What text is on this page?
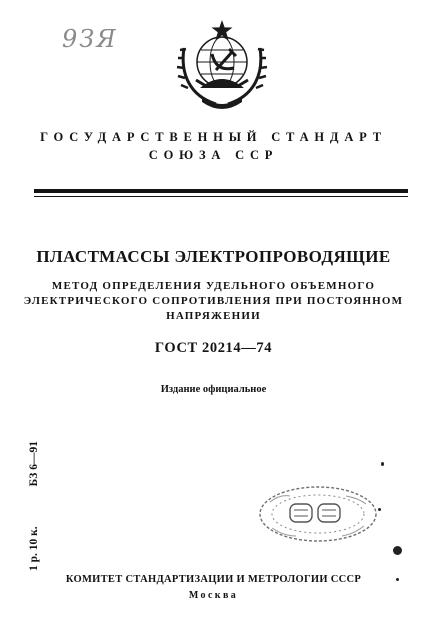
9ЗЯ
ГОСУДАРСТВЕННЫЙ СТАНДАРТ
СОЮЗА ССР
ПЛАСТМАССЫ ЭЛЕКТРОПРОВОДЯЩИЕ
МЕТОД ОПРЕДЕЛЕНИЯ УДЕЛЬНОГО ОБЪЕМНОГО
ЭЛЕКТРИЧЕСКОГО СОПРОТИВЛЕНИЯ ПРИ ПОСТОЯННОМ
НАПРЯЖЕНИИ
ГОСТ 20214—74
Издание официальное
1 р. 10 к.
БЗ 6—91
КОМИТЕТ СТАНДАРТИЗАЦИИ И МЕТРОЛОГИИ СССР
Москва
